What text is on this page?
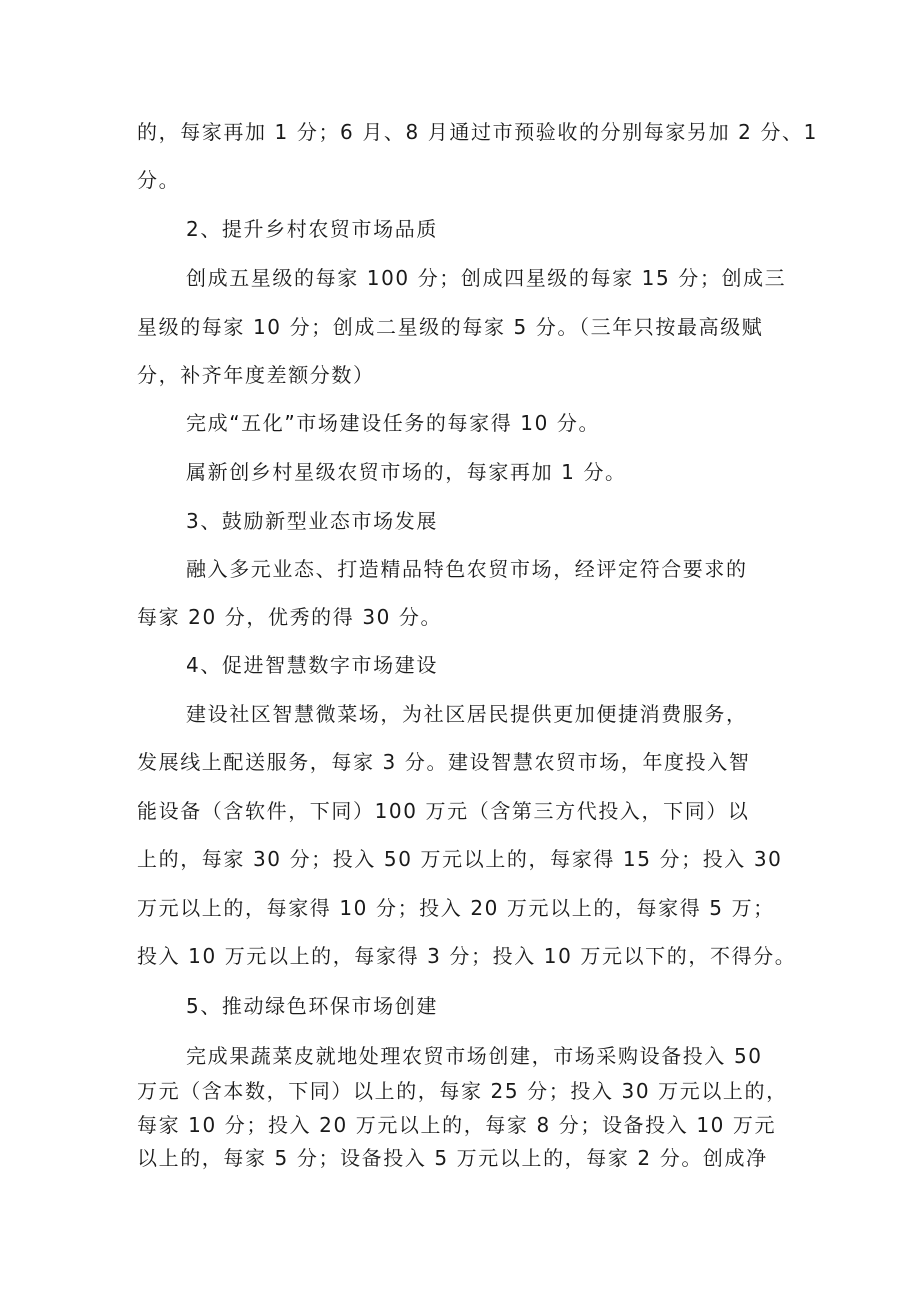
的，每家再加 1 分；6 月、8 月通过市预验收的分别每家另加 2 分、1
分。
2、提升乡村农贸市场品质
创成五星级的每家 100 分；创成四星级的每家 15 分；创成三
星级的每家 10 分；创成二星级的每家 5 分。（三年只按最高级赋
分，补齐年度差额分数）
完成“五化”市场建设任务的每家得 10 分。
属新创乡村星级农贸市场的，每家再加 1 分。
3、鼓励新型业态市场发展
融入多元业态、打造精品特色农贸市场，经评定符合要求的
每家 20 分，优秀的得 30 分。
4、促进智慧数字市场建设
建设社区智慧微菜场，为社区居民提供更加便捷消费服务，
发展线上配送服务，每家 3 分。建设智慧农贸市场，年度投入智
能设备（含软件，下同）100 万元（含第三方代投入，下同）以
上的，每家 30 分；投入 50 万元以上的，每家得 15 分；投入 30
万元以上的，每家得 10 分；投入 20 万元以上的，每家得 5 万；
投入 10 万元以上的，每家得 3 分；投入 10 万元以下的，不得分。
5、推动绿色环保市场创建
完成果蔬菜皮就地处理农贸市场创建，市场采购设备投入 50
万元（含本数，下同）以上的，每家 25 分；投入 30 万元以上的，
每家 10 分；投入 20 万元以上的，每家 8 分；设备投入 10 万元
以上的，每家 5 分；设备投入 5 万元以上的，每家 2 分。创成净
